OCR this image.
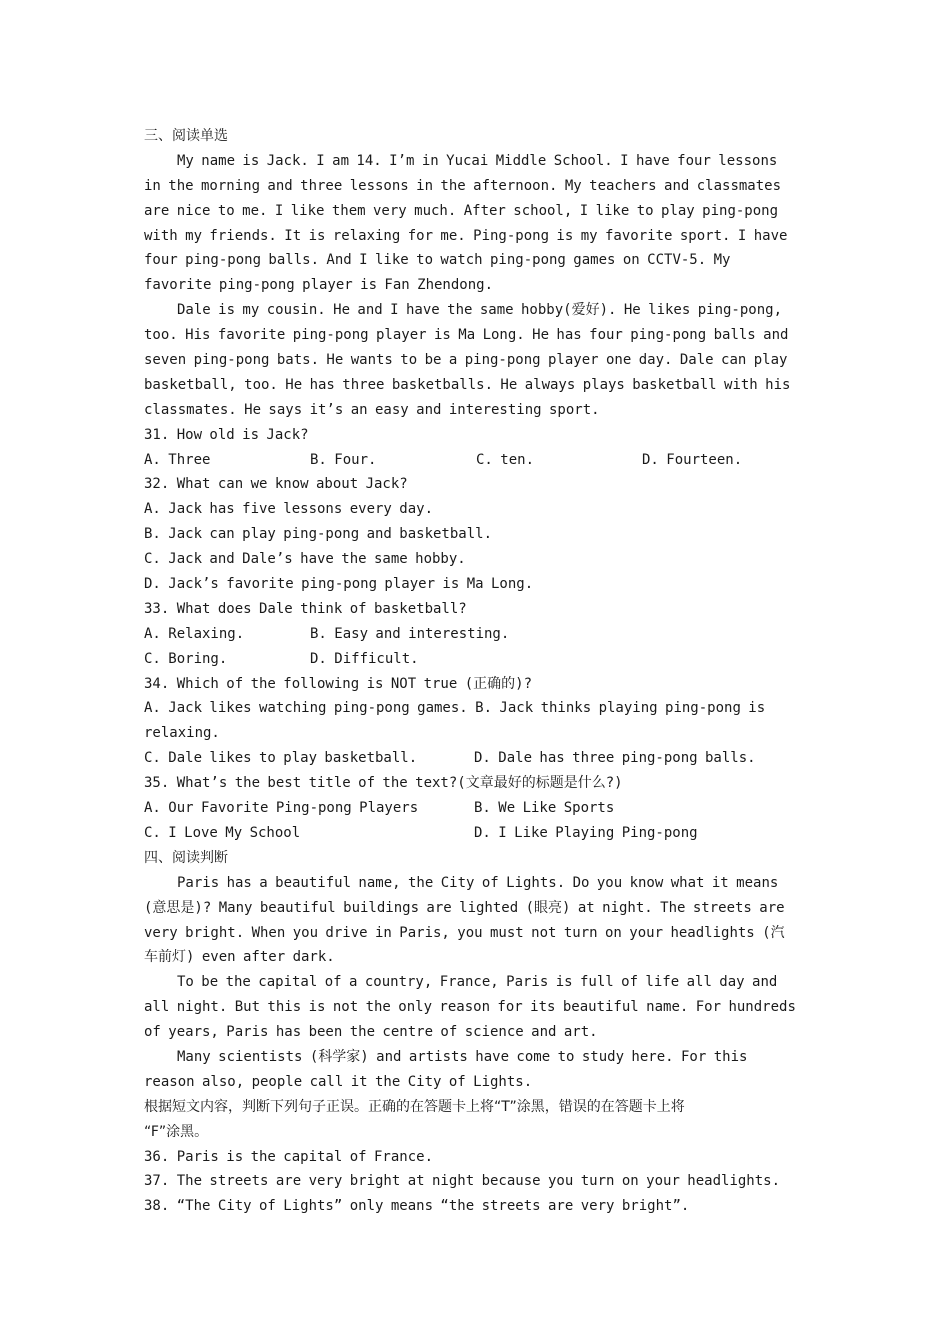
三、阅读单选
My name is Jack. I am 14. I’m in Yucai Middle School. I have four lessons
in the morning and three lessons in the afternoon. My teachers and classmates
are nice to me. I like them very much. After school, I like to play ping-pong
with my friends. It is relaxing for me. Ping-pong is my favorite sport. I have
four ping-pong balls. And I like to watch ping-pong games on CCTV-5. My
favorite ping-pong player is Fan Zhendong.
Dale is my cousin. He and I have the same hobby(爱好). He likes ping-pong,
too. His favorite ping-pong player is Ma Long. He has four ping-pong balls and
seven ping-pong bats. He wants to be a ping-pong player one day. Dale can play
basketball, too. He has three basketballs. He always plays basketball with his
classmates. He says it’s an easy and interesting sport.
31. How old is Jack?
A. Three	B. Four.	C. ten.	D. Fourteen.
32. What can we know about Jack?
A. Jack has five lessons every day.
B. Jack can play ping-pong and basketball.
C. Jack and Dale’s have the same hobby.
D. Jack’s favorite ping-pong player is Ma Long.
33. What does Dale think of basketball?
A. Relaxing.	B. Easy and interesting.
C. Boring.	D. Difficult.
34. Which of the following is NOT true (正确的)?
A. Jack likes watching ping-pong games. B. Jack thinks playing ping-pong is
relaxing.
C. Dale likes to play basketball.	D. Dale has three ping-pong balls.
35. What’s the best title of the text?(文章最好的标题是什么?)
A. Our Favorite Ping-pong Players	B. We Like Sports
C. I Love My School	D. I Like Playing Ping-pong
四、阅读判断
Paris has a beautiful name, the City of Lights. Do you know what it means
(意思是)? Many beautiful buildings are lighted (眼亮) at night. The streets are
very bright. When you drive in Paris, you must not turn on your headlights (汽
车前灯) even after dark.
To be the capital of a country, France, Paris is full of life all day and
all night. But this is not the only reason for its beautiful name. For hundreds
of years, Paris has been the centre of science and art.
Many scientists (科学家) and artists have come to study here. For this
reason also, people call it the City of Lights.
根据短文内容，判断下列句子正误。正确的在答题卡上将“T”涂黑，错误的在答题卡上将
“F”涂黑。
36. Paris is the capital of France.
37. The streets are very bright at night because you turn on your headlights.
38. “The City of Lights” only means “the streets are very bright”.
